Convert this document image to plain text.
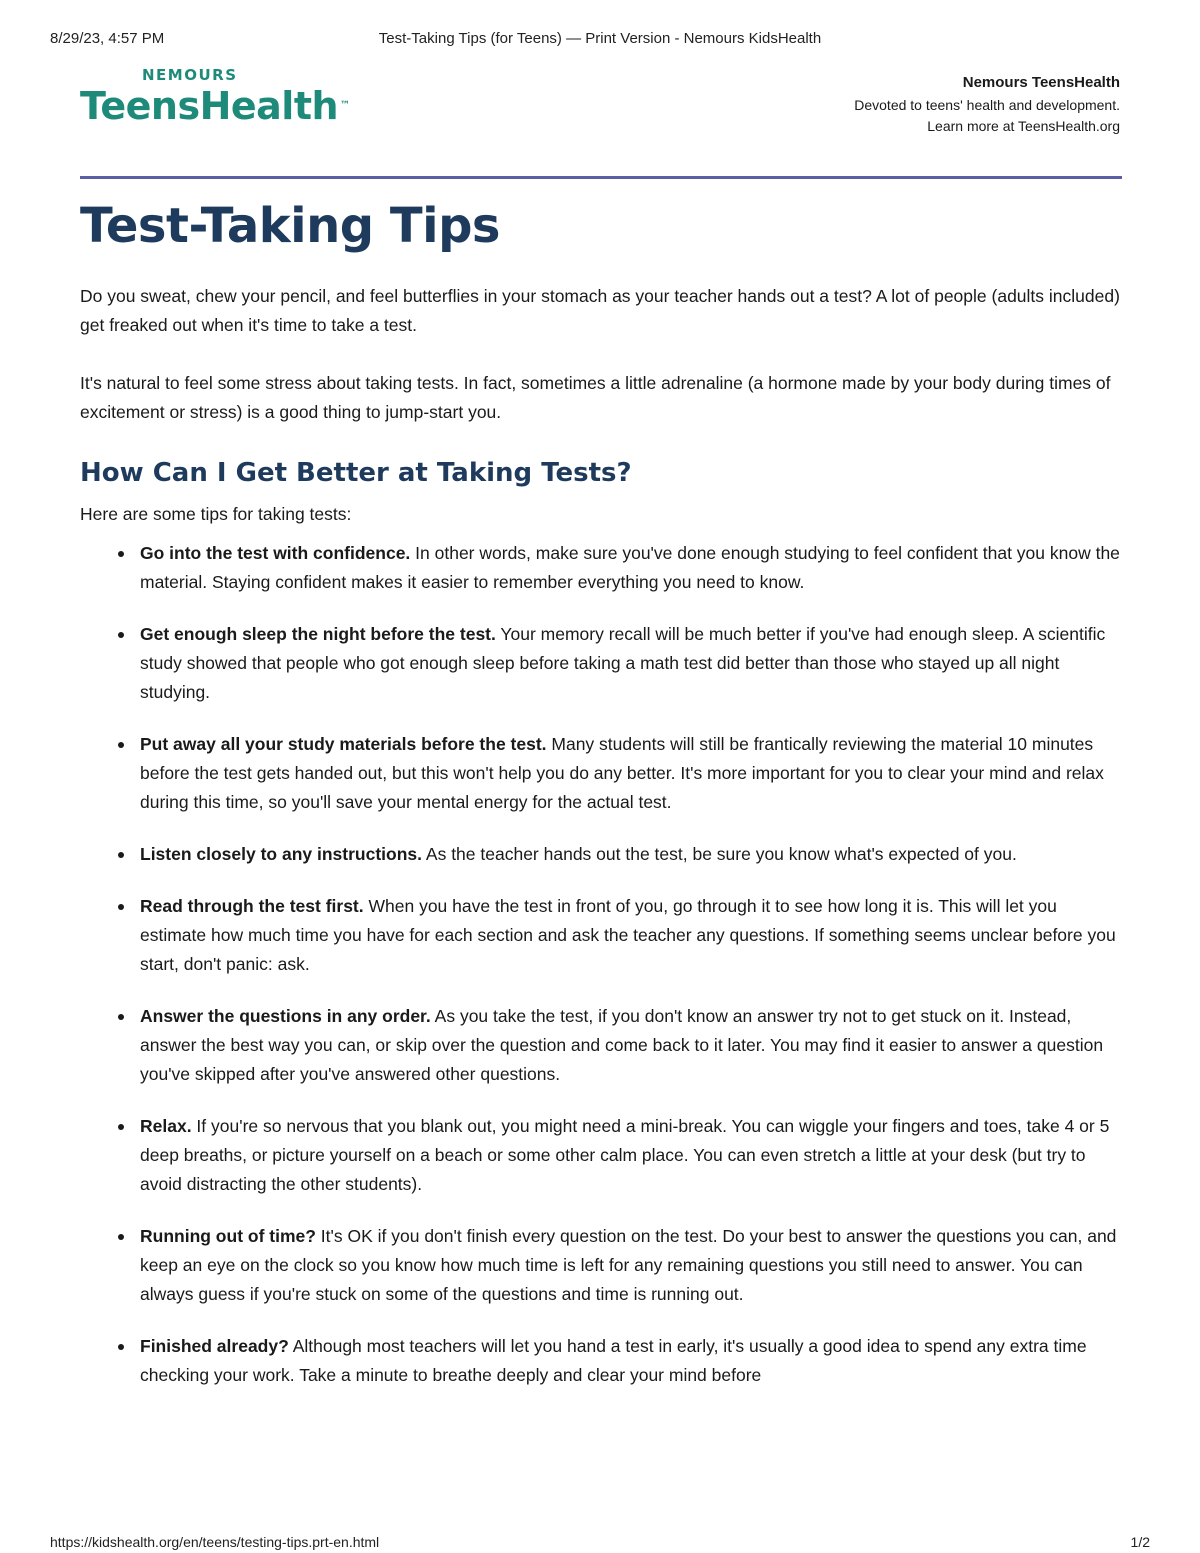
8/29/23, 4:57 PM	Test-Taking Tips (for Teens) — Print Version - Nemours KidsHealth
NEMOURS
TeensHealth ™
Nemours TeensHealth
Devoted to teens' health and development.
Learn more at TeensHealth.org
Test-Taking Tips

Do you sweat, chew your pencil, and feel butterflies in your stomach as your teacher hands out a test? A lot of people (adults included) get freaked out when it's time to take a test.

It's natural to feel some stress about taking tests. In fact, sometimes a little adrenaline (a hormone made by your body during times of excitement or stress) is a good thing to jump-start you.

How Can I Get Better at Taking Tests?
Here are some tips for taking tests:
Go into the test with confidence. In other words, make sure you've done enough studying to feel confident that you know the material. Staying confident makes it easier to remember everything you need to know.
Get enough sleep the night before the test. Your memory recall will be much better if you've had enough sleep. A scientific study showed that people who got enough sleep before taking a math test did better than those who stayed up all night studying.
Put away all your study materials before the test. Many students will still be frantically reviewing the material 10 minutes before the test gets handed out, but this won't help you do any better. It's more important for you to clear your mind and relax during this time, so you'll save your mental energy for the actual test.
Listen closely to any instructions. As the teacher hands out the test, be sure you know what's expected of you.
Read through the test first. When you have the test in front of you, go through it to see how long it is. This will let you estimate how much time you have for each section and ask the teacher any questions. If something seems unclear before you start, don't panic: ask.
Answer the questions in any order. As you take the test, if you don't know an answer try not to get stuck on it. Instead, answer the best way you can, or skip over the question and come back to it later. You may find it easier to answer a question you've skipped after you've answered other questions.
Relax. If you're so nervous that you blank out, you might need a mini-break. You can wiggle your fingers and toes, take 4 or 5 deep breaths, or picture yourself on a beach or some other calm place. You can even stretch a little at your desk (but try to avoid distracting the other students).
Running out of time? It's OK if you don't finish every question on the test. Do your best to answer the questions you can, and keep an eye on the clock so you know how much time is left for any remaining questions you still need to answer. You can always guess if you're stuck on some of the questions and time is running out.
Finished already? Although most teachers will let you hand a test in early, it's usually a good idea to spend any extra time checking your work. Take a minute to breathe deeply and clear your mind before
https://kidshealth.org/en/teens/testing-tips.prt-en.html	1/2
